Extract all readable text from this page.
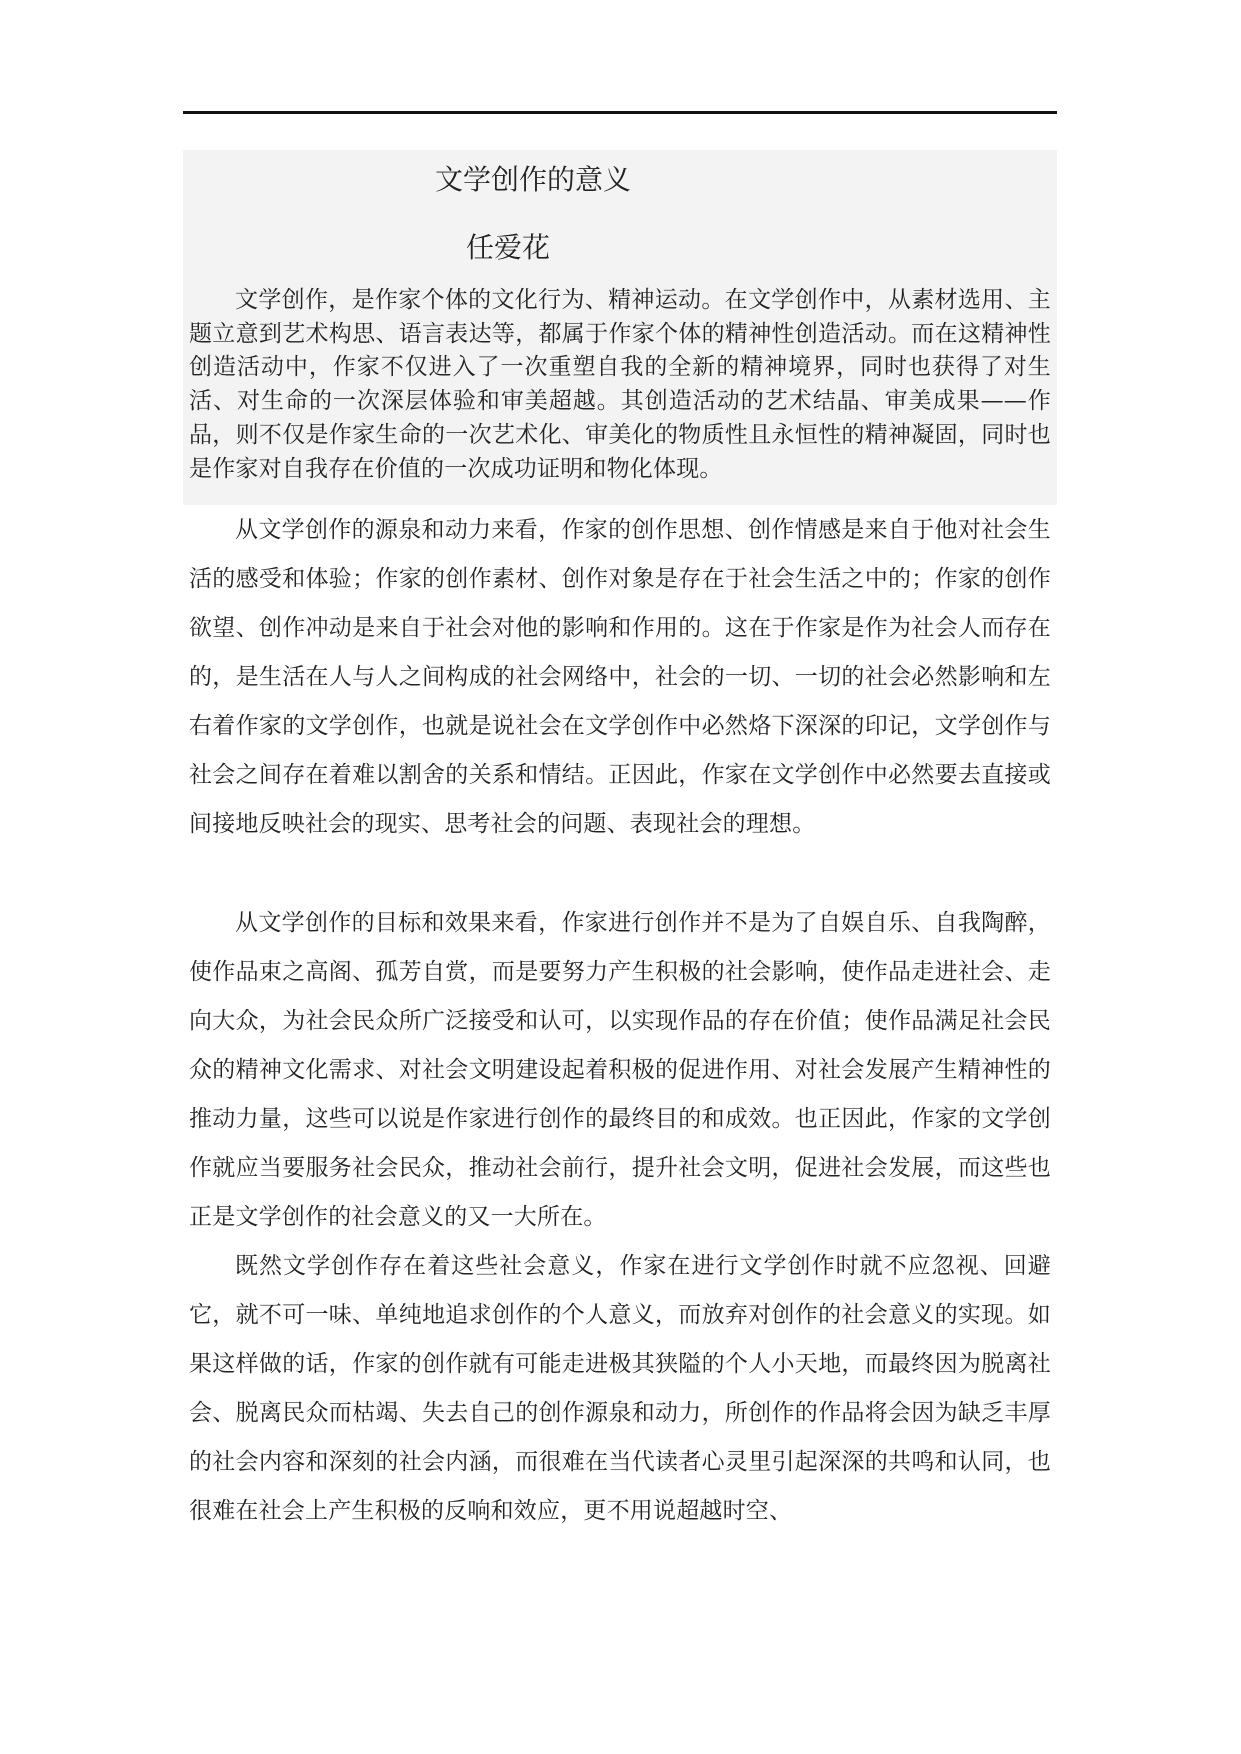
文学创作的意义
任爱花

文学创作，是作家个体的文化行为、精神运动。在文学创作中，从素材选用、主题立意到艺术构思、语言表达等，都属于作家个体的精神性创造活动。而在这精神性创造活动中，作家不仅进入了一次重塑自我的全新的精神境界，同时也获得了对生活、对生命的一次深层体验和审美超越。其创造活动的艺术结晶、审美成果——作品，则不仅是作家生命的一次艺术化、审美化的物质性且永恒性的精神凝固，同时也是作家对自我存在价值的一次成功证明和物化体现。

从文学创作的源泉和动力来看，作家的创作思想、创作情感是来自于他对社会生活的感受和体验；作家的创作素材、创作对象是存在于社会生活之中的；作家的创作欲望、创作冲动是来自于社会对他的影响和作用的。这在于作家是作为社会人而存在的，是生活在人与人之间构成的社会网络中，社会的一切、一切的社会必然影响和左右着作家的文学创作，也就是说社会在文学创作中必然烙下深深的印记，文学创作与社会之间存在着难以割舍的关系和情结。正因此，作家在文学创作中必然要去直接或间接地反映社会的现实、思考社会的问题、表现社会的理想。

从文学创作的目标和效果来看，作家进行创作并不是为了自娱自乐、自我陶醉，使作品束之高阁、孤芳自赏，而是要努力产生积极的社会影响，使作品走进社会、走向大众，为社会民众所广泛接受和认可，以实现作品的存在价值；使作品满足社会民众的精神文化需求、对社会文明建设起着积极的促进作用、对社会发展产生精神性的推动力量，这些可以说是作家进行创作的最终目的和成效。也正因此，作家的文学创作就应当要服务社会民众，推动社会前行，提升社会文明，促进社会发展，而这些也正是文学创作的社会意义的又一大所在。

既然文学创作存在着这些社会意义，作家在进行文学创作时就不应忽视、回避它，就不可一味、单纯地追求创作的个人意义，而放弃对创作的社会意义的实现。如果这样做的话，作家的创作就有可能走进极其狭隘的个人小天地，而最终因为脱离社会、脱离民众而枯竭、失去自己的创作源泉和动力，所创作的作品将会因为缺乏丰厚的社会内容和深刻的社会内涵，而很难在当代读者心灵里引起深深的共鸣和认同，也很难在社会上产生积极的反响和效应，更不用说超越时空、
